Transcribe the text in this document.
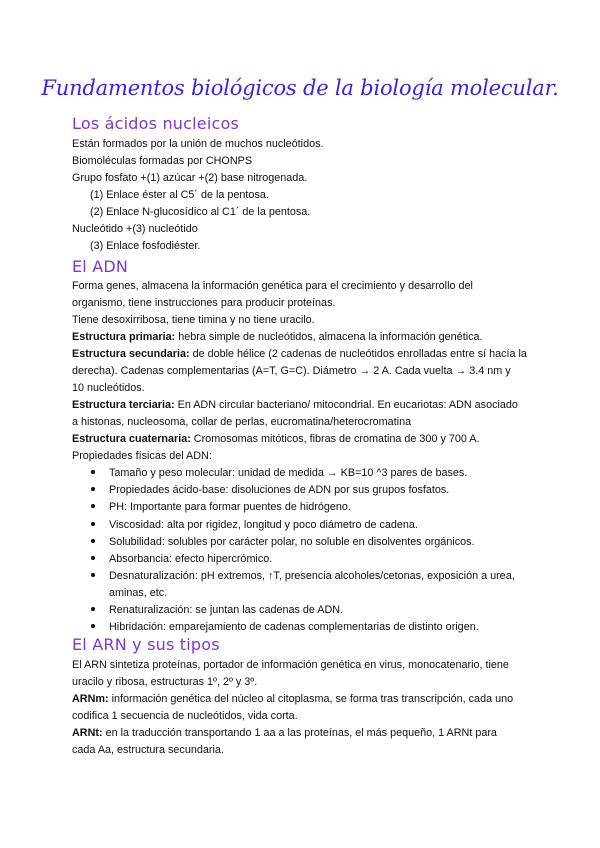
Fundamentos biológicos de la biología molecular.
Los ácidos nucleicos
Están formados por la unión de muchos nucleótidos.
Biomoléculas formadas por CHONPS
Grupo fosfato +(1) azúcar +(2) base nitrogenada.
(1) Enlace éster al C5´ de la pentosa.
(2) Enlace N-glucosídico al C1´ de la pentosa.
Nucleótido +(3) nucleótido
(3) Enlace fosfodiéster.
El ADN
Forma genes, almacena la información genética para el crecimiento y desarrollo del
organismo, tiene instrucciones para producir proteínas.
Tiene desoxirribosa, tiene timina y no tiene uracilo.
Estructura primaria: hebra simple de nucleótidos, almacena la información genética.
Estructura secundaria: de doble hélice (2 cadenas de nucleótidos enrolladas entre sí hacía la
derecha). Cadenas complementarias (A=T, G=C). Diámetro → 2 A. Cada vuelta → 3.4 nm y
10 nucleótidos.
Estructura terciaria: En ADN circular bacteriano/ mitocondrial. En eucariotas: ADN asociado
a histonas, nucleosoma, collar de perlas, eucromatina/heterocromatina
Estructura cuaternaria: Cromosomas mitóticos, fibras de cromatina de 300 y 700 A.
Propiedades físicas del ADN:
Tamaño y peso molecular: unidad de medida → KB=10 ^3 pares de bases.
Propiedades ácido-base: disoluciones de ADN por sus grupos fosfatos.
PH: Importante para formar puentes de hidrógeno.
Viscosidad: alta por rigidez, longitud y poco diámetro de cadena.
Solubilidad: solubles por carácter polar, no soluble en disolventes orgánicos.
Absorbancia: efecto hipercrómico.
Desnaturalización: pH extremos, ↑T, presencia alcoholes/cetonas, exposición a urea,
aminas, etc.
Renaturalización: se juntan las cadenas de ADN.
Hibridación: emparejamiento de cadenas complementarias de distinto origen.
El ARN y sus tipos
El ARN sintetiza proteínas, portador de información genética en virus, monocatenario, tiene
uracilo y ribosa, estructuras 1º, 2º y 3º.
ARNm: información genética del núcleo al citoplasma, se forma tras transcripción, cada uno
codifica 1 secuencia de nucleótidos, vida corta.
ARNt: en la traducción transportando 1 aa a las proteínas, el más pequeño, 1 ARNt para
cada Aa, estructura secundaria.
